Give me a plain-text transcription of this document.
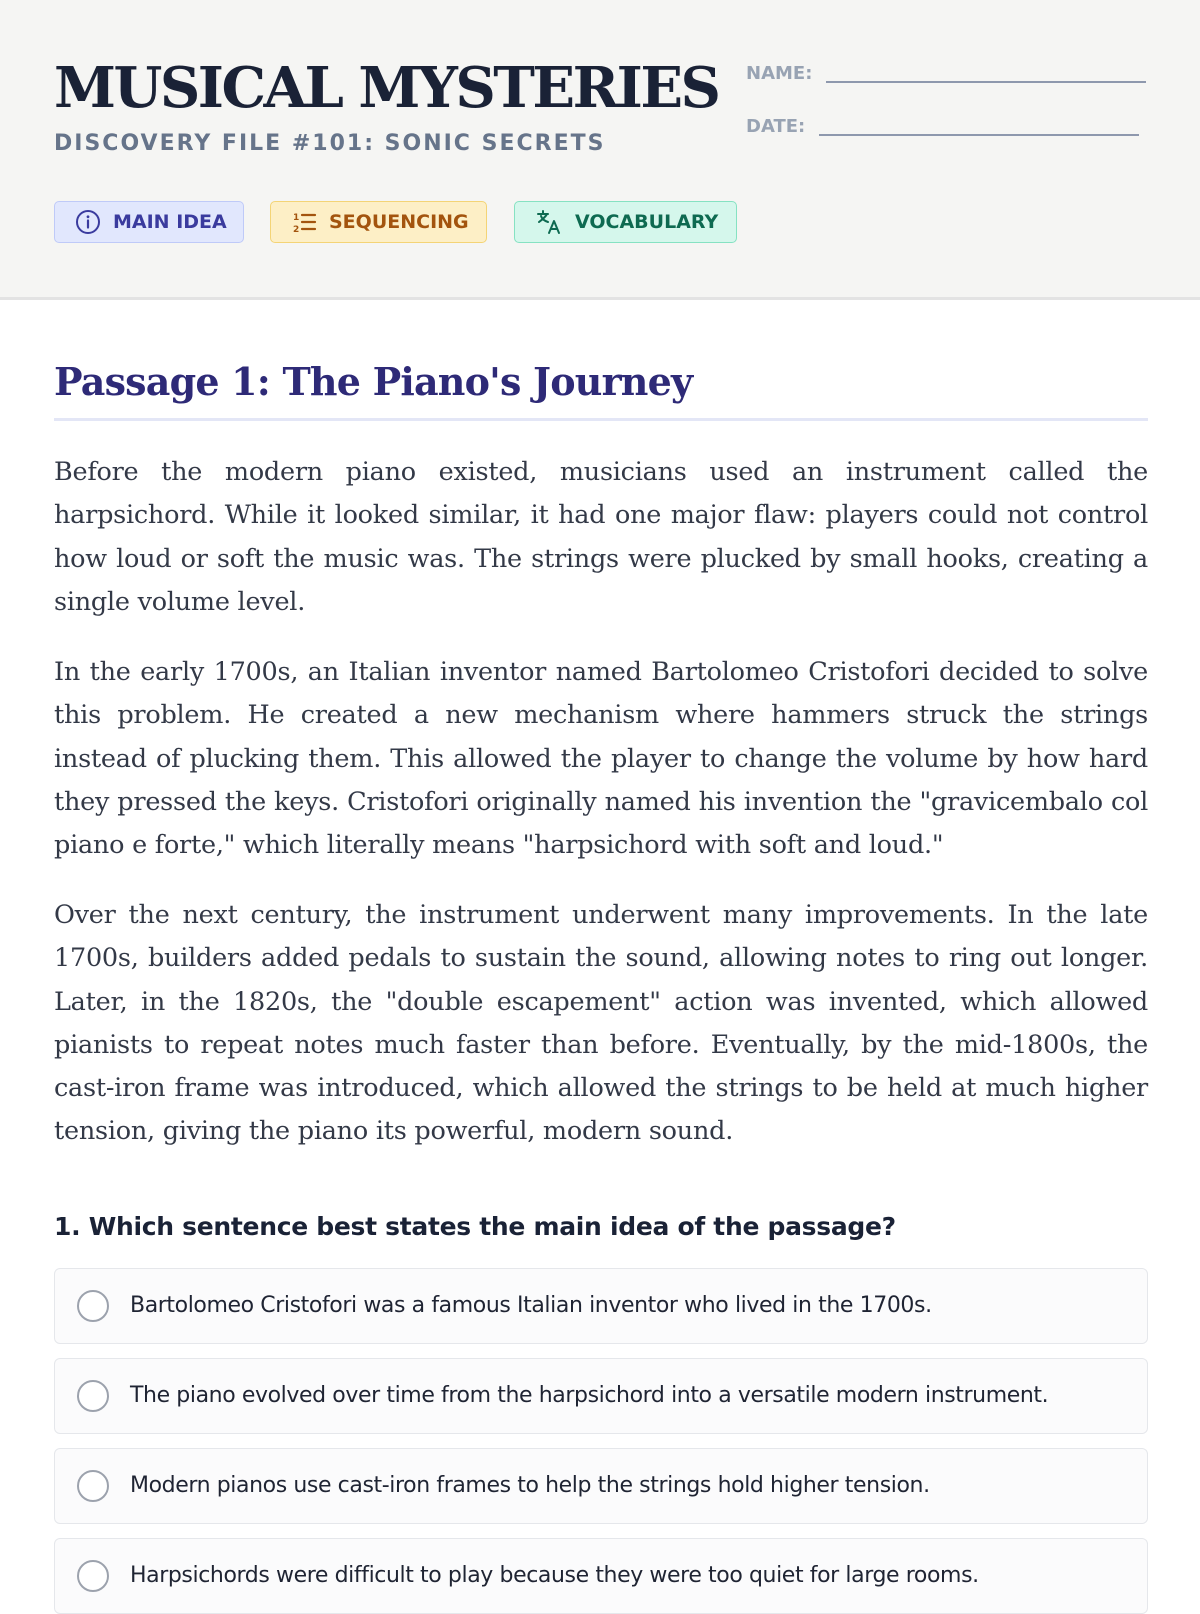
MUSICAL MYSTERIES
DISCOVERY FILE #101: SONIC SECRETS
NAME:
DATE:
MAIN IDEA	1
2 SEQUENCING	VOCABULARY
Passage 1: The Piano's Journey

Before the modern piano existed, musicians used an instrument called the harpsichord. While it looked similar, it had one major flaw: players could not control how loud or soft the music was. The strings were plucked by small hooks, creating a single volume level.

In the early 1700s, an Italian inventor named Bartolomeo Cristofori decided to solve this problem. He created a new mechanism where hammers struck the strings instead of plucking them. This allowed the player to change the volume by how hard they pressed the keys. Cristofori originally named his invention the "gravicembalo col piano e forte," which literally means "harpsichord with soft and loud."

Over the next century, the instrument underwent many improvements. In the late 1700s, builders added pedals to sustain the sound, allowing notes to ring out longer. Later, in the 1820s, the "double escapement" action was invented, which allowed pianists to repeat notes much faster than before. Eventually, by the mid-1800s, the cast-iron frame was introduced, which allowed the strings to be held at much higher tension, giving the piano its powerful, modern sound.

1. Which sentence best states the main idea of the passage?
Bartolomeo Cristofori was a famous Italian inventor who lived in the 1700s.
The piano evolved over time from the harpsichord into a versatile modern instrument.
Modern pianos use cast-iron frames to help the strings hold higher tension.
Harpsichords were difficult to play because they were too quiet for large rooms.
